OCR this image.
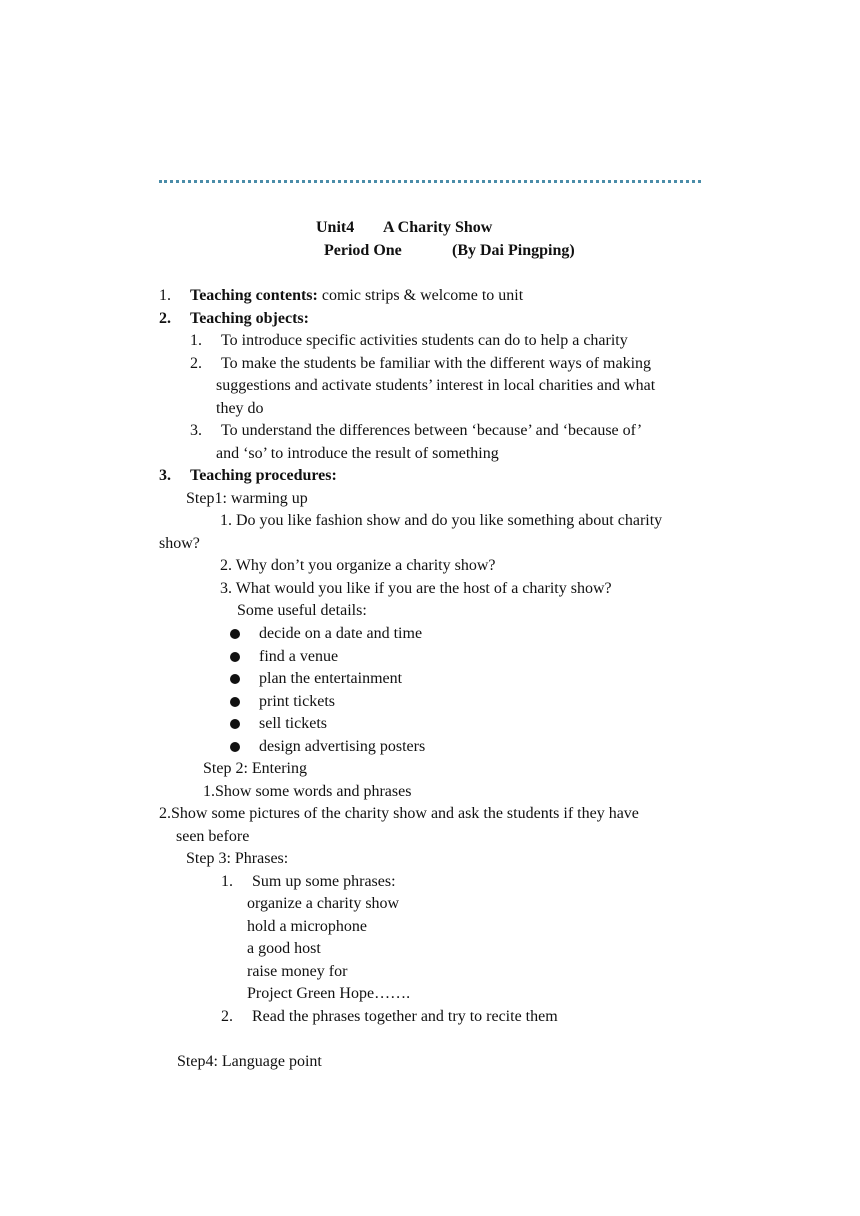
Unit4 A Charity Show
Period One	(By Dai Pingping)
1. Teaching contents: comic strips & welcome to unit
2. Teaching objects:
1. To introduce specific activities students can do to help a charity
2. To make the students be familiar with the different ways of making
suggestions and activate students’ interest in local charities and what
they do
3. To understand the differences between ‘because’ and ‘because of’
and ‘so’ to introduce the result of something
3. Teaching procedures:
Step1: warming up
1. Do you like fashion show and do you like something about charity
show?
2. Why don’t you organize a charity show?
3. What would you like if you are the host of a charity show?
Some useful details:
decide on a date and time
find a venue
plan the entertainment
print tickets
sell tickets
design advertising posters
Step 2: Entering
1.Show some words and phrases
2.Show some pictures of the charity show and ask the students if they have
seen before
Step 3: Phrases:
1. Sum up some phrases:
organize a charity show
hold a microphone
a good host
raise money for
Project Green Hope…….
2. Read the phrases together and try to recite them
Step4: Language point
